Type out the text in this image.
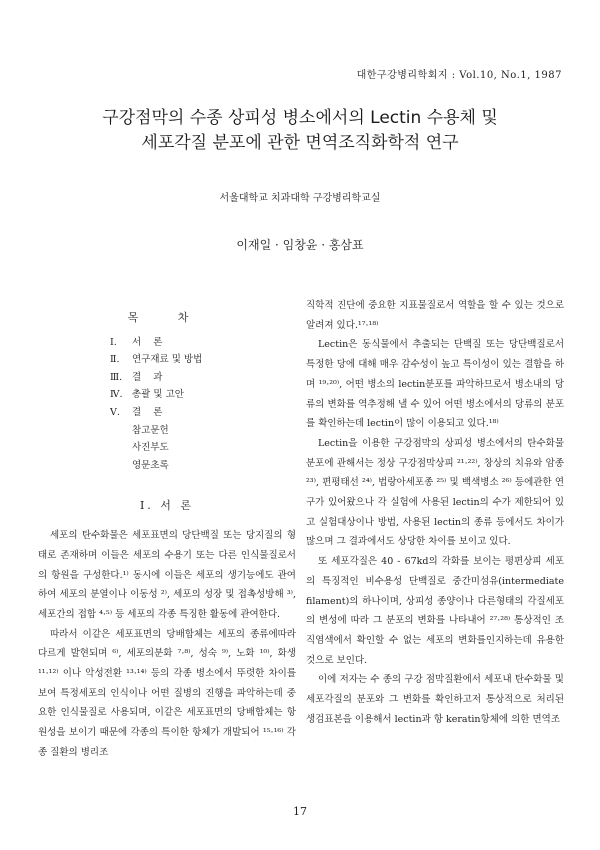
대한구강병리학회지 : Vol.10, No.1, 1987
구강점막의 수종 상피성 병소에서의 Lectin 수용체 및
세포각질 분포에 관한 면역조직화학적 연구
서울대학교 치과대학 구강병리학교실
이재일 · 임창윤 · 홍삼표
목 차
Ⅰ. 서    론
Ⅱ. 연구재료 및 방법
Ⅲ. 결    과
Ⅳ. 총괄 및 고안
Ⅴ. 결    론
참고문헌
사진부도
영문초록
Ⅰ. 서 론

세포의 탄수화물은 세포표면의 당단백질 또는 당지질의 형태로 존재하며 이들은 세포의 수용기 또는 다른 인식물질로서의 항원을 구성한다.¹⁾ 동시에 이들은 세포의 생기능에도 관여하여 세포의 분열이나 이동성 ²⁾, 세포의 성장 및 접촉성방해 ³⁾, 세포간의 접합 ⁴·⁵⁾ 등 세포의 각종 특징한 활동에 관여한다.

따라서 이같은 세포표면의 당배합체는 세포의 종류에따라 다르게 발현되며 ⁶⁾, 세포의분화 ⁷·⁸⁾, 성숙 ⁹⁾, 노화 ¹⁰⁾, 화생 ¹¹·¹²⁾ 이나 악성전환 ¹³·¹⁴⁾ 등의 각종 병소에서 뚜렷한 차이를 보여 특정세포의 인식이나 어떤 질병의 진행을 파악하는데 중요한 인식물질로 사용되며, 이같은 세포표면의 당배합체는 항원성을 보이기 때문에 각종의 특이한 항체가 개발되어 ¹⁵·¹⁶⁾ 각종 질환의 병리조

직학적 진단에 중요한 지표물질로서 역할을 할 수 있는 것으로 알려져 있다.¹⁷·¹⁸⁾

Lectin은 동식물에서 추출되는 단백질 또는 당단백질로서 특정한 당에 대해 매우 감수성이 높고 특이성이 있는 결합을 하며 ¹⁹·²⁰⁾, 어떤 병소의 lectin분포를 파악하므로서 병소내의 당류의 변화를 역추정해 낼 수 있어 어떤 병소에서의 당류의 분포를 확인하는데 lectin이 많이 이용되고 있다.¹⁸⁾

Lectin을 이용한 구강점막의 상피성 병소에서의 탄수화물 분포에 관해서는 정상 구강점막상피 ²¹·²²⁾, 창상의 치유와 암종 ²³⁾, 편평태선 ²⁴⁾, 법랑아세포종 ²⁵⁾ 및 백색병소 ²⁶⁾ 등에관한 연구가 있어왔으나 각 실험에 사용된 lectin의 수가 제한되어 있고 실험대상이나 방법, 사용된 lectin의 종류 등에서도 차이가 많으며 그 결과에서도 상당한 차이를 보이고 있다.

또 세포각질은 40 - 67kd의 각화를 보이는 평편상피 세포의 특징적인 비수용성 단백질로 중간미섬유(intermediate filament)의 하나이며, 상피성 종양이나 다른형태의 각질세포의 변성에 따라 그 분포의 변화를 나타내어 ²⁷·²⁸⁾ 통상적인 조직염색에서 확인할 수 없는 세포의 변화를인지하는데 유용한 것으로 보인다.

이에 저자는 수 종의 구강 점막질환에서 세포내 탄수화물 및 세포각질의 분포와 그 변화를 확인하고저 통상적으로 처리된 생검표본을 이용해서 lectin과 항 keratin항체에 의한 면역조

17
